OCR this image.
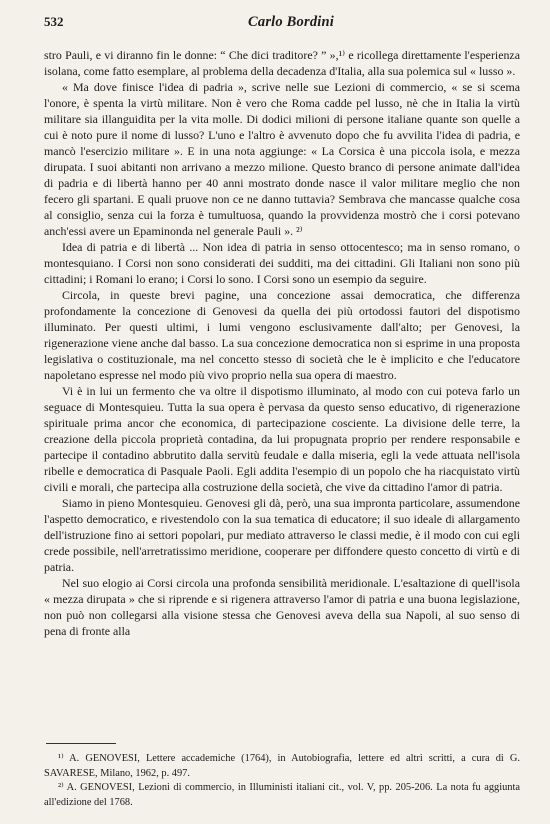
532	Carlo Bordini

stro Pauli, e vi diranno fin le donne: “ Che dici traditore? ” »,¹⁾ e ricollega direttamente l'esperienza isolana, come fatto esemplare, al problema della decadenza d'Italia, alla sua polemica sul « lusso ».

« Ma dove finisce l'idea di padria », scrive nelle sue Lezioni di commercio, « se si scema l'onore, è spenta la virtù militare. Non è vero che Roma cadde pel lusso, nè che in Italia la virtù militare sia illanguidita per la vita molle. Di dodici milioni di persone italiane quante son quelle a cui è noto pure il nome di lusso? L'uno e l'altro è avvenuto dopo che fu avvilita l'idea di padria, e mancò l'esercizio militare ». E in una nota aggiunge: « La Corsica è una piccola isola, e mezza dirupata. I suoi abitanti non arrivano a mezzo milione. Questo branco di persone animate dall'idea di padria e di libertà hanno per 40 anni mostrato donde nasce il valor militare meglio che non fecero gli spartani. E quali pruove non ce ne danno tuttavia? Sembrava che mancasse qualche cosa al consiglio, senza cui la forza è tumultuosa, quando la provvidenza mostrò che i corsi potevano anch'essi avere un Epaminonda nel generale Pauli ». ²⁾

Idea di patria e di libertà ... Non idea di patria in senso ottocentesco; ma in senso romano, o montesquiano. I Corsi non sono considerati dei sudditi, ma dei cittadini. Gli Italiani non sono più cittadini; i Romani lo erano; i Corsi lo sono. I Corsi sono un esempio da seguire.

Circola, in queste brevi pagine, una concezione assai democratica, che differenza profondamente la concezione di Genovesi da quella dei più ortodossi fautori del dispotismo illuminato. Per questi ultimi, i lumi vengono esclusivamente dall'alto; per Genovesi, la rigenerazione viene anche dal basso. La sua concezione democratica non si esprime in una proposta legislativa o costituzionale, ma nel concetto stesso di società che le è implicito e che l'educatore napoletano espresse nel modo più vivo proprio nella sua opera di maestro.

Vi è in lui un fermento che va oltre il dispotismo illuminato, al modo con cui poteva farlo un seguace di Montesquieu. Tutta la sua opera è pervasa da questo senso educativo, di rigenerazione spirituale prima ancor che economica, di partecipazione cosciente. La divisione delle terre, la creazione della piccola proprietà contadina, da lui propugnata proprio per rendere responsabile e partecipe il contadino abbrutito dalla servitù feudale e dalla miseria, egli la vede attuata nell'isola ribelle e democratica di Pasquale Paoli. Egli addita l'esempio di un popolo che ha riacquistato virtù civili e morali, che partecipa alla costruzione della società, che vive da cittadino l'amor di patria.

Siamo in pieno Montesquieu. Genovesi gli dà, però, una sua impronta particolare, assumendone l'aspetto democratico, e rivestendolo con la sua tematica di educatore; il suo ideale di allargamento dell'istruzione fino ai settori popolari, pur mediato attraverso le classi medie, è il modo con cui egli crede possibile, nell'arretratissimo meridione, cooperare per diffondere questo concetto di virtù e di patria.

Nel suo elogio ai Corsi circola una profonda sensibilità meridionale. L'esaltazione di quell'isola « mezza dirupata » che si riprende e si rigenera attraverso l'amor di patria e una buona legislazione, non può non collegarsi alla visione stessa che Genovesi aveva della sua Napoli, al suo senso di pena di fronte alla

¹⁾ A. GENOVESI, Lettere accademiche (1764), in Autobiografia, lettere ed altri scritti, a cura di G. SAVARESE, Milano, 1962, p. 497.

²⁾ A. GENOVESI, Lezioni di commercio, in Illuministi italiani cit., vol. V, pp. 205-206. La nota fu aggiunta all'edizione del 1768.
